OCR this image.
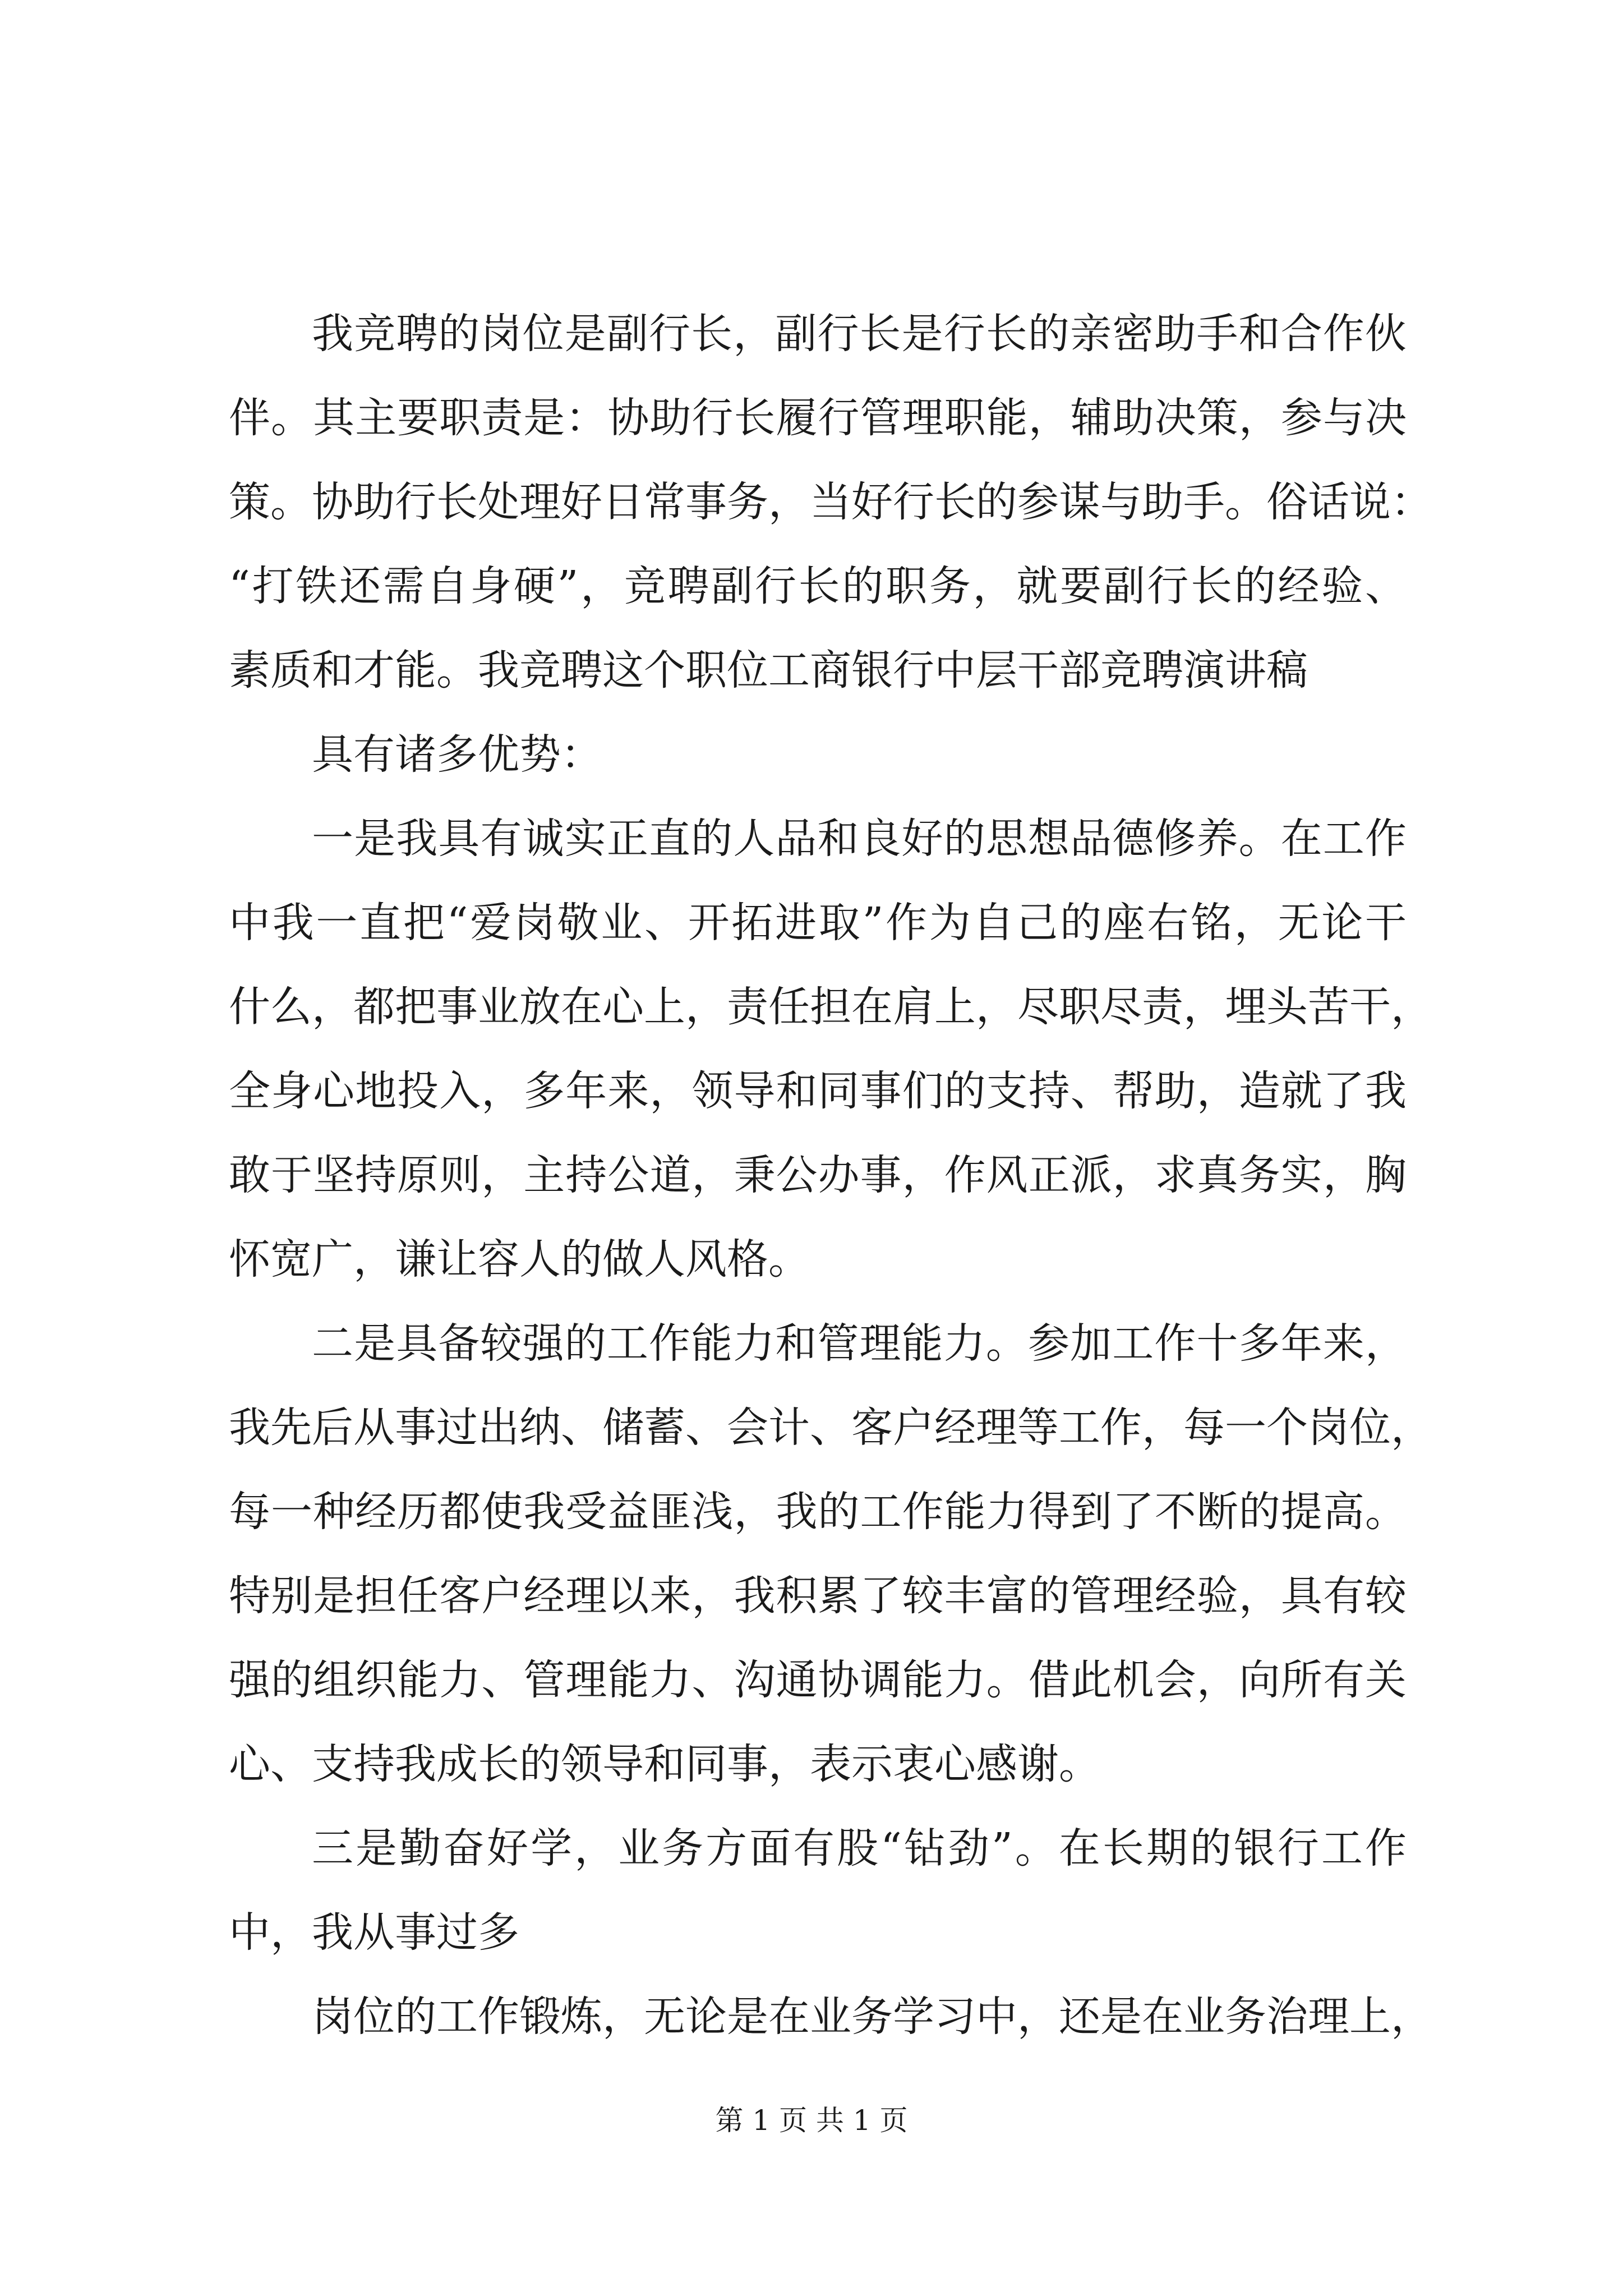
我竞聘的岗位是副行长，副行长是行长的亲密助手和合作伙
伴。其主要职责是：协助行长履行管理职能，辅助决策，参与决
策。协助行长处理好日常事务，当好行长的参谋与助手。俗话说：
“打铁还需自身硬”，竞聘副行长的职务，就要副行长的经验、
素质和才能。我竞聘这个职位工商银行中层干部竞聘演讲稿
具有诸多优势：
一是我具有诚实正直的人品和良好的思想品德修养。在工作
中我一直把“爱岗敬业、开拓进取”作为自己的座右铭，无论干
什么，都把事业放在心上，责任担在肩上，尽职尽责，埋头苦干，
全身心地投入，多年来，领导和同事们的支持、帮助，造就了我
敢于坚持原则，主持公道，秉公办事，作风正派，求真务实，胸
怀宽广，谦让容人的做人风格。
二是具备较强的工作能力和管理能力。参加工作十多年来，
我先后从事过出纳、储蓄、会计、客户经理等工作，每一个岗位，
每一种经历都使我受益匪浅，我的工作能力得到了不断的提高。
特别是担任客户经理以来，我积累了较丰富的管理经验，具有较
强的组织能力、管理能力、沟通协调能力。借此机会，向所有关
心、支持我成长的领导和同事，表示衷心感谢。
三是勤奋好学，业务方面有股“钻劲”。在长期的银行工作
中，我从事过多
岗位的工作锻炼，无论是在业务学习中，还是在业务治理上，
第 1 页 共 1 页
